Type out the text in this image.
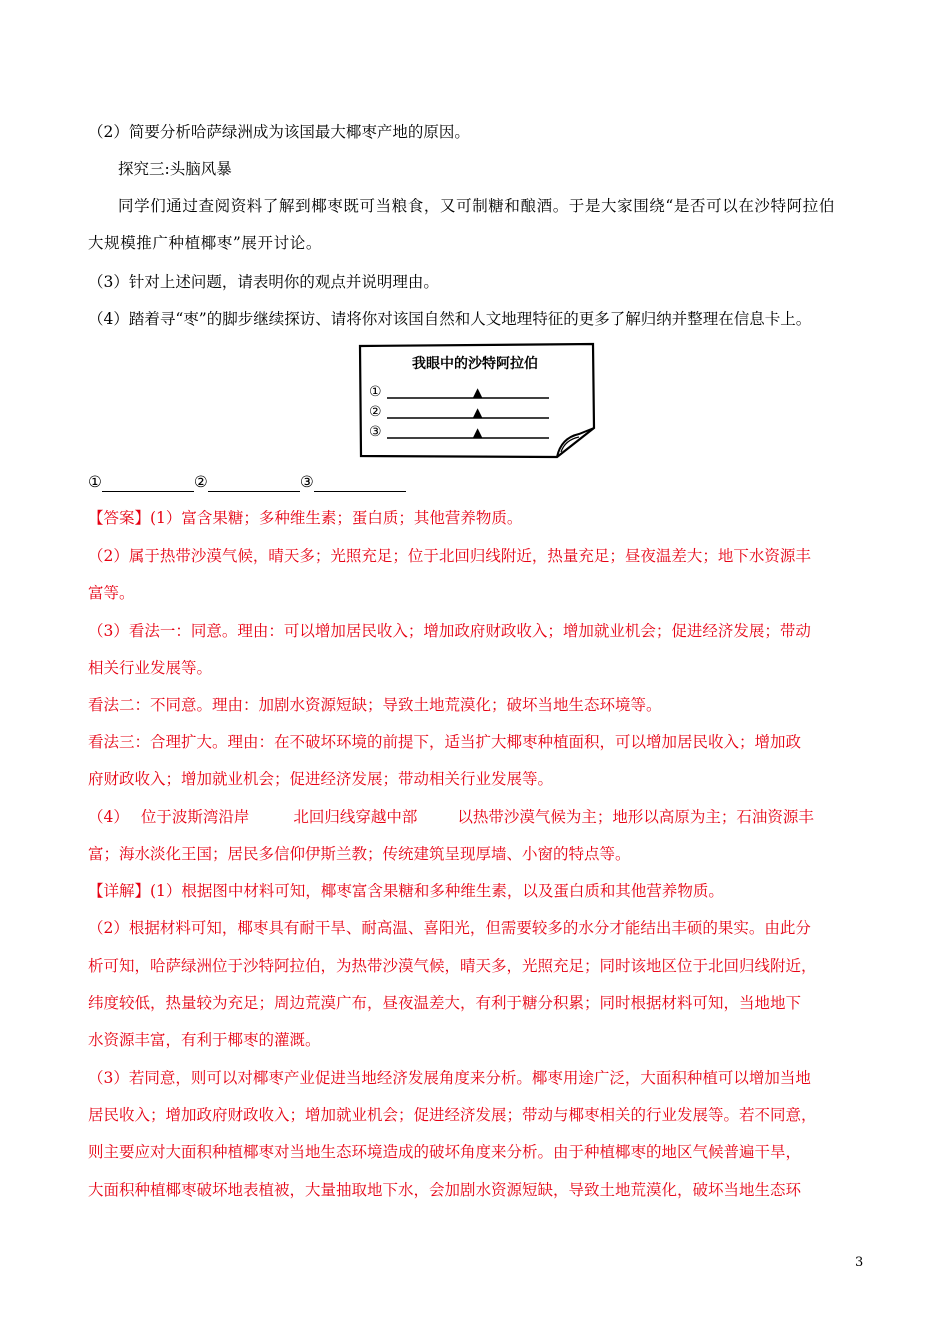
（2）简要分析哈萨绿洲成为该国最大椰枣产地的原因。
探究三:头脑风暴
同学们通过查阅资料了解到椰枣既可当粮食，又可制糖和酿酒。于是大家围绕“是否可以在沙特阿拉伯
大规模推广种植椰枣”展开讨论。
（3）针对上述问题，请表明你的观点并说明理由。
（4）踏着寻“枣”的脚步继续探访、请将你对该国自然和人文地理特征的更多了解归纳并整理在信息卡上。
我眼中的沙特阿拉伯
①	▲
②	▲
③	▲
①	②	③
【答案】(1）富含果糖；多种维生素；蛋白质；其他营养物质。
（2）属于热带沙漠气候，晴天多；光照充足；位于北回归线附近，热量充足；昼夜温差大；地下水资源丰
富等。
（3）看法一：同意。理由：可以增加居民收入；增加政府财政收入；增加就业机会；促进经济发展；带动
相关行业发展等。
看法二：不同意。理由：加剧水资源短缺；导致土地荒漠化；破坏当地生态环境等。
看法三：合理扩大。理由：在不破坏环境的前提下，适当扩大椰枣种植面积，可以增加居民收入；增加政
府财政收入；增加就业机会；促进经济发展；带动相关行业发展等。
（4） 位于波斯湾沿岸	北回归线穿越中部	以热带沙漠气候为主；地形以高原为主；石油资源丰
富；海水淡化王国；居民多信仰伊斯兰教；传统建筑呈现厚墙、小窗的特点等。
【详解】(1）根据图中材料可知，椰枣富含果糖和多种维生素，以及蛋白质和其他营养物质。
（2）根据材料可知，椰枣具有耐干旱、耐高温、喜阳光，但需要较多的水分才能结出丰硕的果实。由此分
析可知，哈萨绿洲位于沙特阿拉伯，为热带沙漠气候，晴天多，光照充足；同时该地区位于北回归线附近，
纬度较低，热量较为充足；周边荒漠广布，昼夜温差大，有利于糖分积累；同时根据材料可知，当地地下
水资源丰富，有利于椰枣的灌溉。
（3）若同意，则可以对椰枣产业促进当地经济发展角度来分析。椰枣用途广泛，大面积种植可以增加当地
居民收入；增加政府财政收入；增加就业机会；促进经济发展；带动与椰枣相关的行业发展等。若不同意，
则主要应对大面积种植椰枣对当地生态环境造成的破坏角度来分析。由于种植椰枣的地区气候普遍干旱，
大面积种植椰枣破坏地表植被，大量抽取地下水，会加剧水资源短缺，导致土地荒漠化，破坏当地生态环
3
